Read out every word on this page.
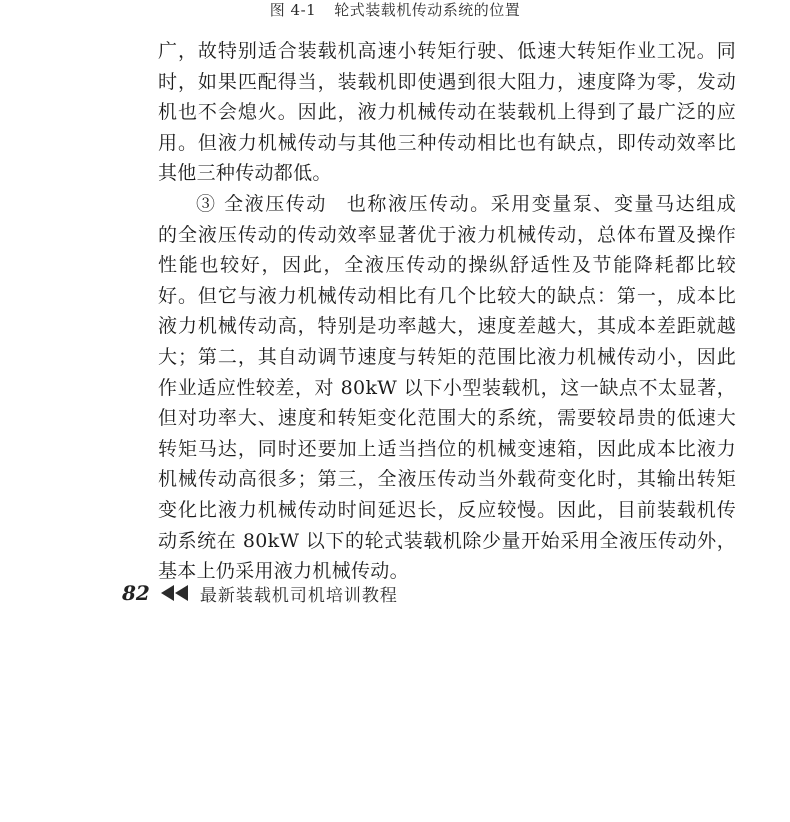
图 4-1 轮式装载机传动系统的位置
广，故特别适合装载机高速小转矩行驶、低速大转矩作业工况。同
时，如果匹配得当，装载机即使遇到很大阻力，速度降为零，发动
机也不会熄火。因此，液力机械传动在装载机上得到了最广泛的应
用。但液力机械传动与其他三种传动相比也有缺点，即传动效率比
其他三种传动都低。
③ 全液压传动 也称液压传动。采用变量泵、变量马达组成
的全液压传动的传动效率显著优于液力机械传动，总体布置及操作
性能也较好，因此，全液压传动的操纵舒适性及节能降耗都比较
好。但它与液力机械传动相比有几个比较大的缺点：第一，成本比
液力机械传动高，特别是功率越大，速度差越大，其成本差距就越
大；第二，其自动调节速度与转矩的范围比液力机械传动小，因此
作业适应性较差，对 80kW 以下小型装载机，这一缺点不太显著，
但对功率大、速度和转矩变化范围大的系统，需要较昂贵的低速大
转矩马达，同时还要加上适当挡位的机械变速箱，因此成本比液力
机械传动高很多；第三，全液压传动当外载荷变化时，其输出转矩
变化比液力机械传动时间延迟长，反应较慢。因此，目前装载机传
动系统在 80kW 以下的轮式装载机除少量开始采用全液压传动外，
基本上仍采用液力机械传动。
82	最新装载机司机培训教程
